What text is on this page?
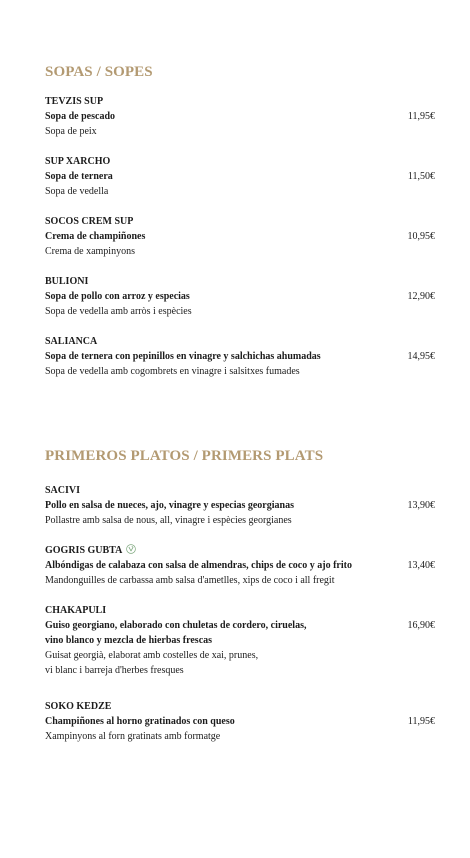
SOPAS / SOPES
TEVZIS SUP
Sopa de pescado	11,95€
Sopa de peix
SUP XARCHO
Sopa de ternera	11,50€
Sopa de vedella
SOCOS CREM SUP
Crema de champiñones	10,95€
Crema de xampinyons
BULIONI
Sopa de pollo con arroz y especias	12,90€
Sopa de vedella amb arròs i espècies
SALIANCA
Sopa de ternera con pepinillos en vinagre y salchichas ahumadas	14,95€
Sopa de vedella amb cogombrets en vinagre i salsitxes fumades
PRIMEROS PLATOS / PRIMERS PLATS
SACIVI
Pollo en salsa de nueces, ajo, vinagre y especias georgianas	13,90€
Pollastre amb salsa de nous, all, vinagre i espècies georgianes
GOGRIS GUBTA
Albóndigas de calabaza con salsa de almendras, chips de coco y ajo frito	13,40€
Mandonguilles de carbassa amb salsa d'ametlles, xips de coco i all fregit
CHAKAPULI
Guiso georgiano, elaborado con chuletas de cordero, ciruelas,	16,90€
vino blanco y mezcla de hierbas frescas
Guisat georgià, elaborat amb costelles de xai, prunes,
vi blanc i barreja d'herbes fresques
SOKO KEDZE
Champiñones al horno gratinados con queso	11,95€
Xampinyons al forn gratinats amb formatge
